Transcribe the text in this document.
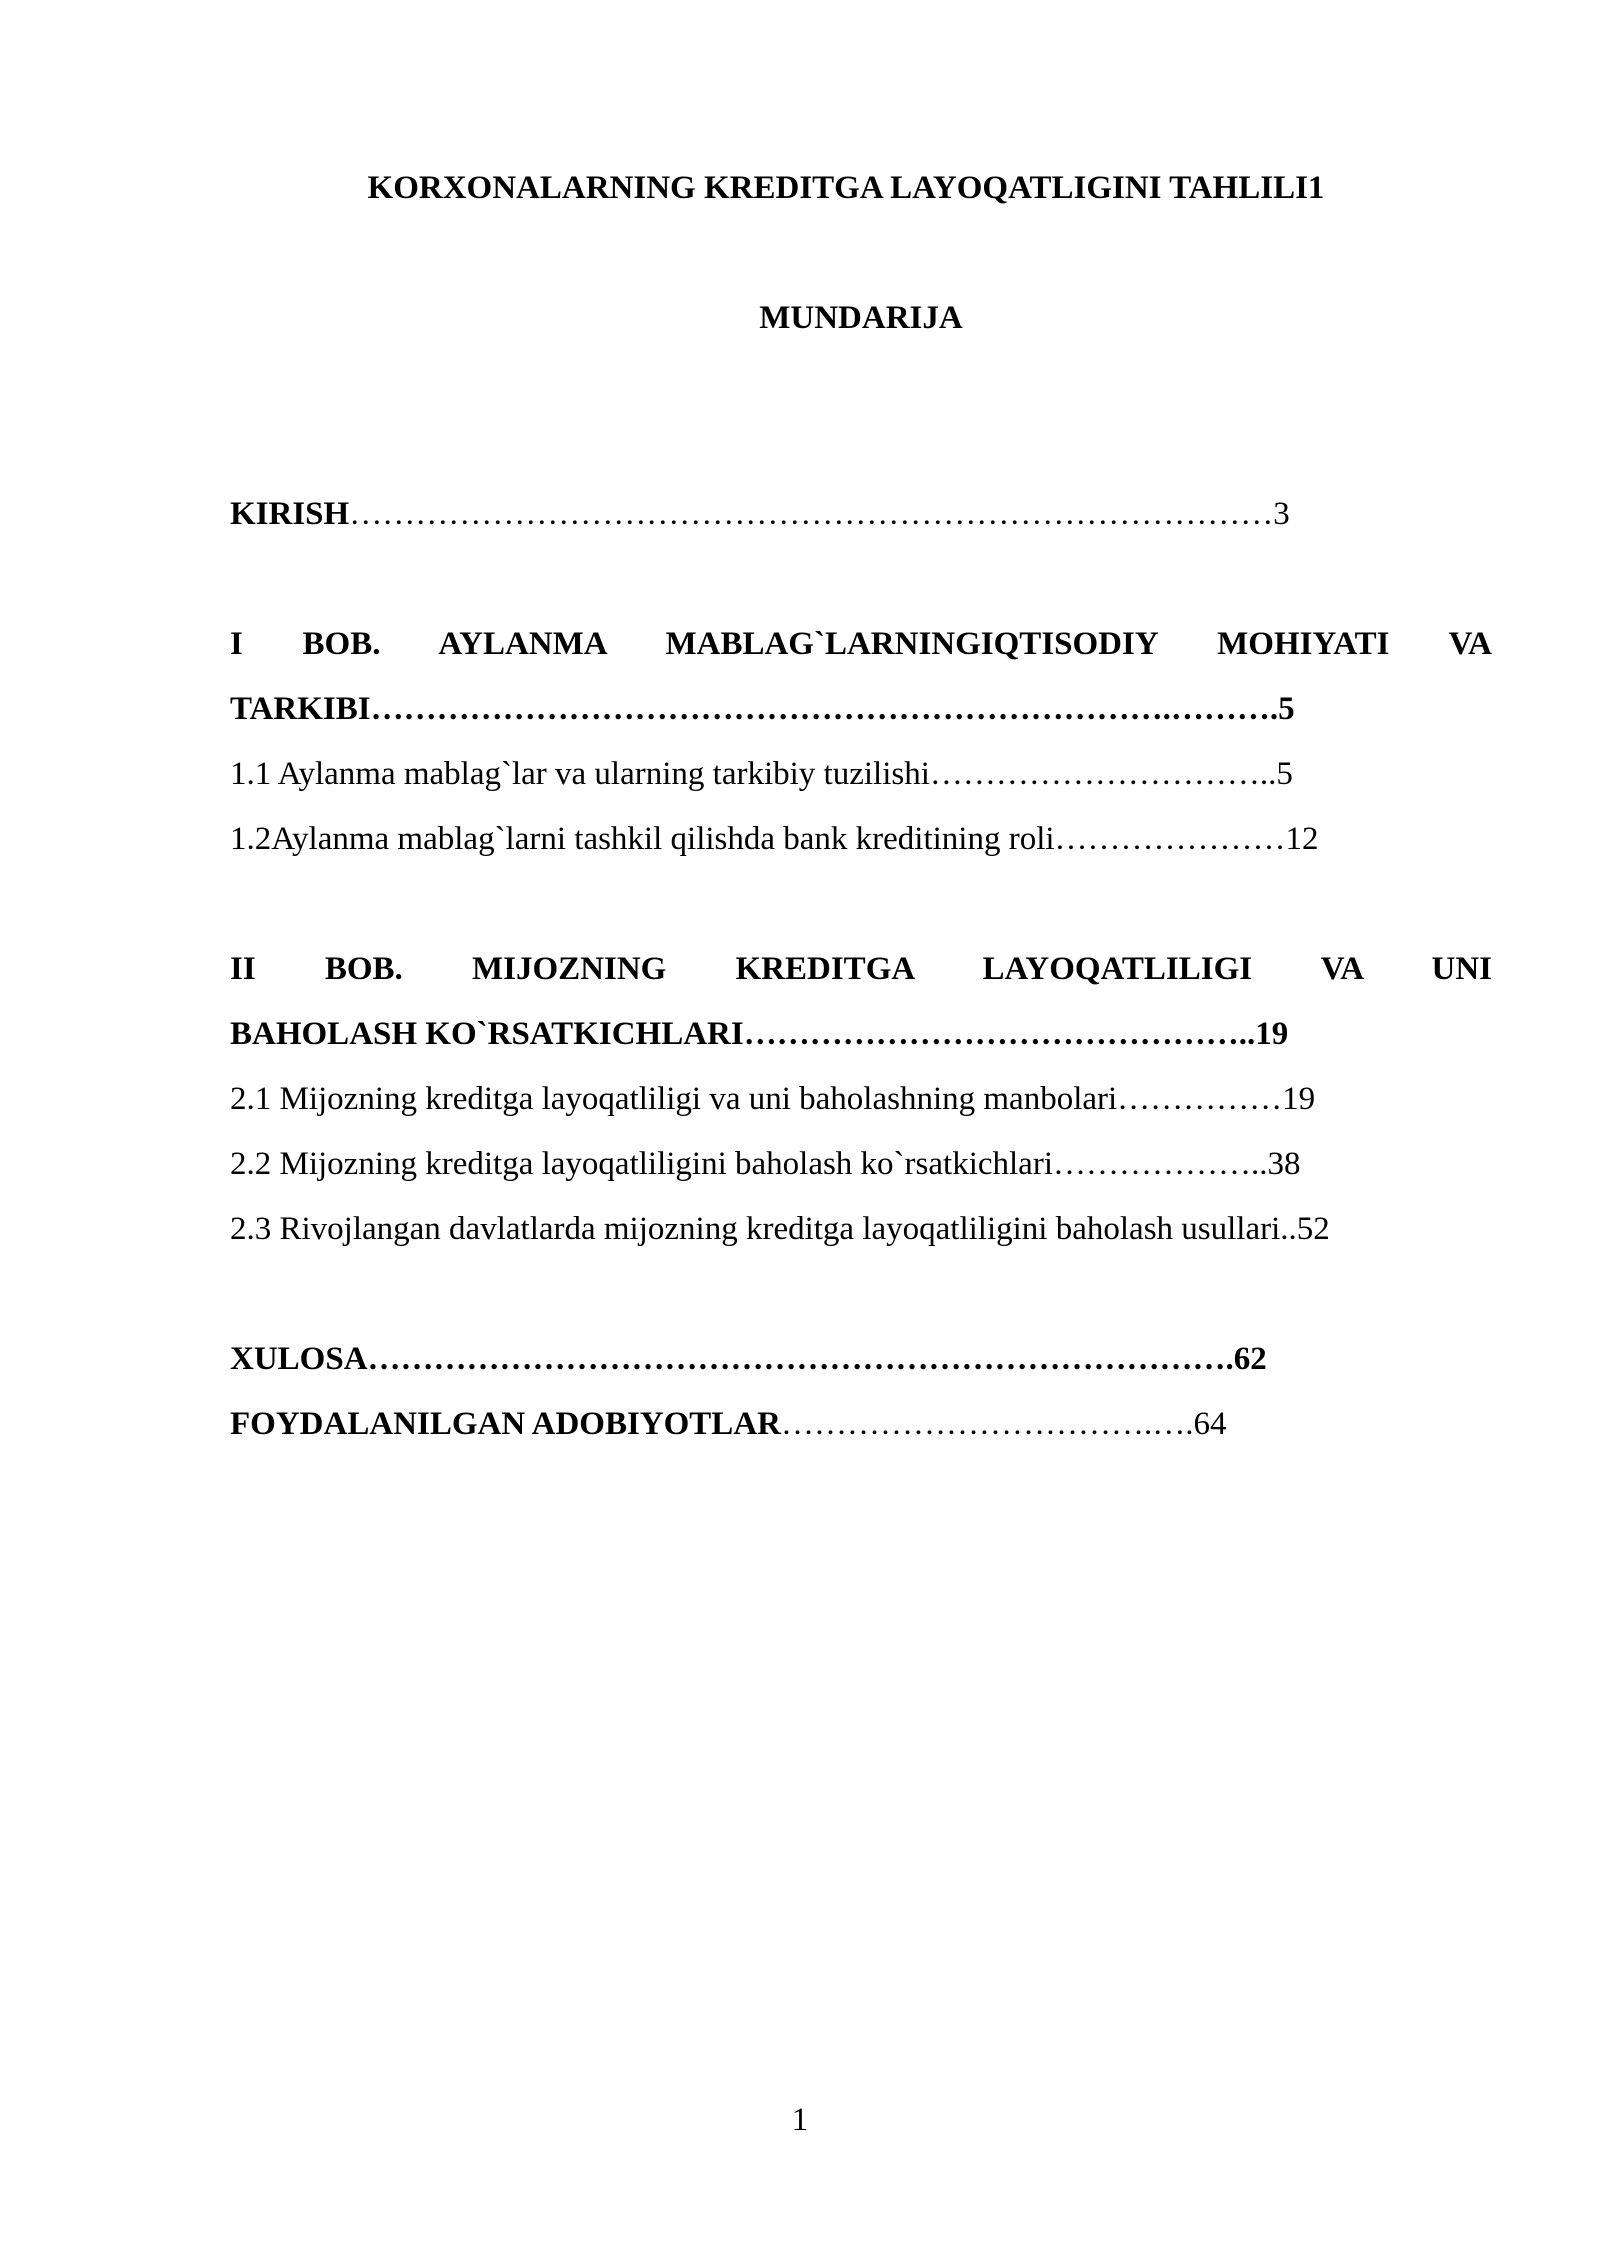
KORXONALARNING KREDITGA LAYOQATLIGINI TAHLILI1
MUNDARIJA
KIRISH…………………………………………………………………………3
I BOB. AYLANMA MABLAG`LARNINGIQTISODIY MOHIYATI VA
TARKIBI……………………………………………………………….……….5
1.1 Aylanma mablag`lar va ularning tarkibiy tuzilishi…………………………..5
1.2Aylanma mablag`larni tashkil qilishda bank kreditining roli…………………12
II BOB. MIJOZNING KREDITGA LAYOQATLILIGI VA UNI
BAHOLASH KO`RSATKICHLARI………………………………………..19
2.1 Mijozning kreditga layoqatliligi va uni baholashning manbolari……………19
2.2 Mijozning kreditga layoqatliligini baholash ko`rsatkichlari………………..38
2.3 Rivojlangan davlatlarda mijozning kreditga layoqatliligini baholash usullari..52
XULOSA…………………………………………………………………….62
FOYDALANILGAN ADOBIYOTLAR…………………………….….64
1
